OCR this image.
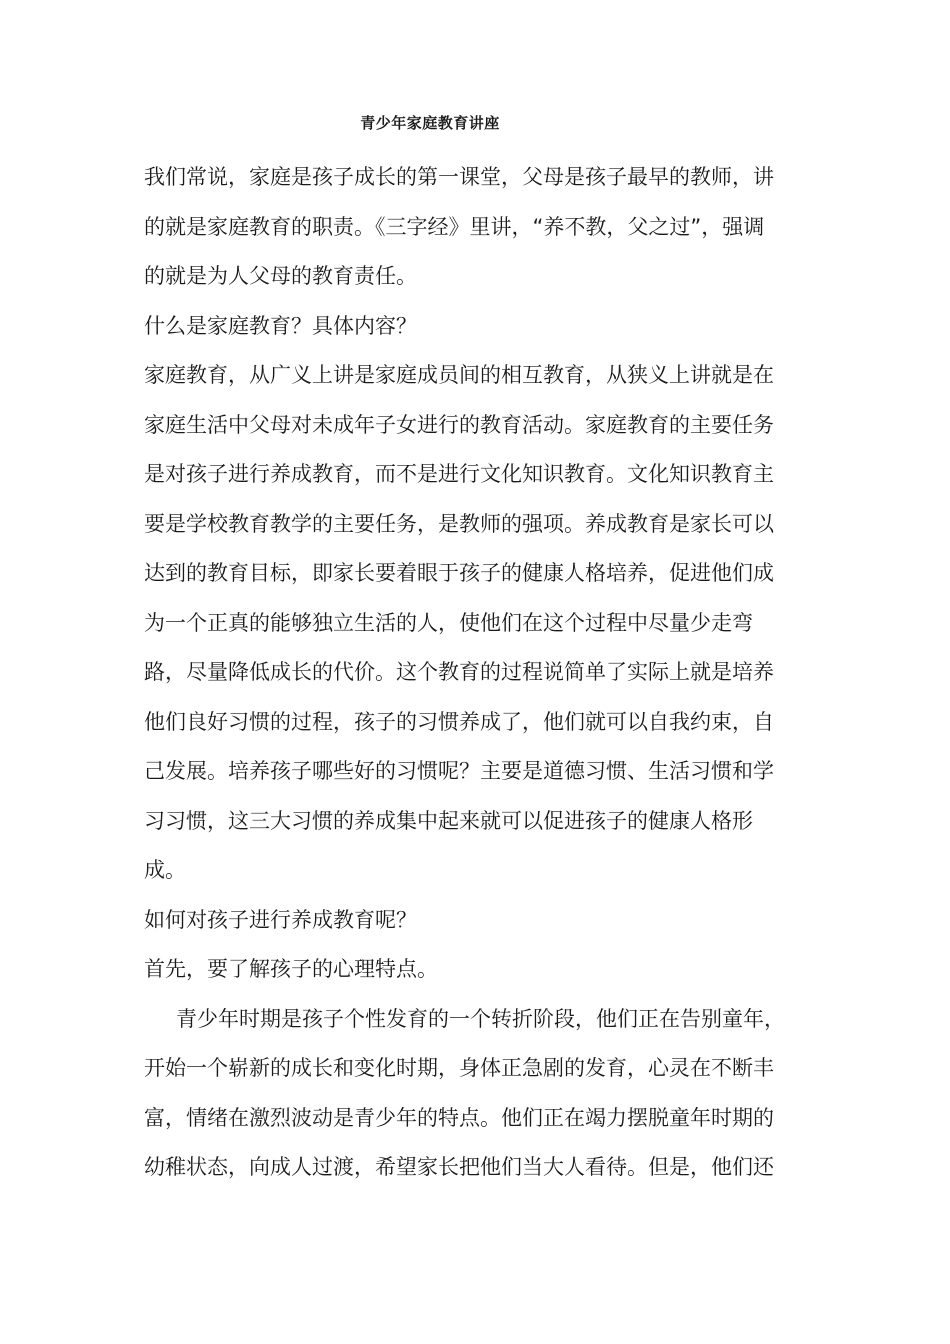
青少年家庭教育讲座
我们常说，家庭是孩子成长的第一课堂，父母是孩子最早的教师，讲
的就是家庭教育的职责。《三字经》里讲，“养不教，父之过”，强调
的就是为人父母的教育责任。
什么是家庭教育？具体内容？
家庭教育，从广义上讲是家庭成员间的相互教育，从狭义上讲就是在
家庭生活中父母对未成年子女进行的教育活动。家庭教育的主要任务
是对孩子进行养成教育，而不是进行文化知识教育。文化知识教育主
要是学校教育教学的主要任务，是教师的强项。养成教育是家长可以
达到的教育目标，即家长要着眼于孩子的健康人格培养，促进他们成
为一个正真的能够独立生活的人，使他们在这个过程中尽量少走弯
路，尽量降低成长的代价。这个教育的过程说简单了实际上就是培养
他们良好习惯的过程，孩子的习惯养成了，他们就可以自我约束，自
己发展。培养孩子哪些好的习惯呢？主要是道德习惯、生活习惯和学
习习惯，这三大习惯的养成集中起来就可以促进孩子的健康人格形
成。
如何对孩子进行养成教育呢？
首先，要了解孩子的心理特点。
青少年时期是孩子个性发育的一个转折阶段，他们正在告别童年，
开始一个崭新的成长和变化时期，身体正急剧的发育，心灵在不断丰
富，情绪在激烈波动是青少年的特点。他们正在竭力摆脱童年时期的
幼稚状态，向成人过渡，希望家长把他们当大人看待。但是，他们还
